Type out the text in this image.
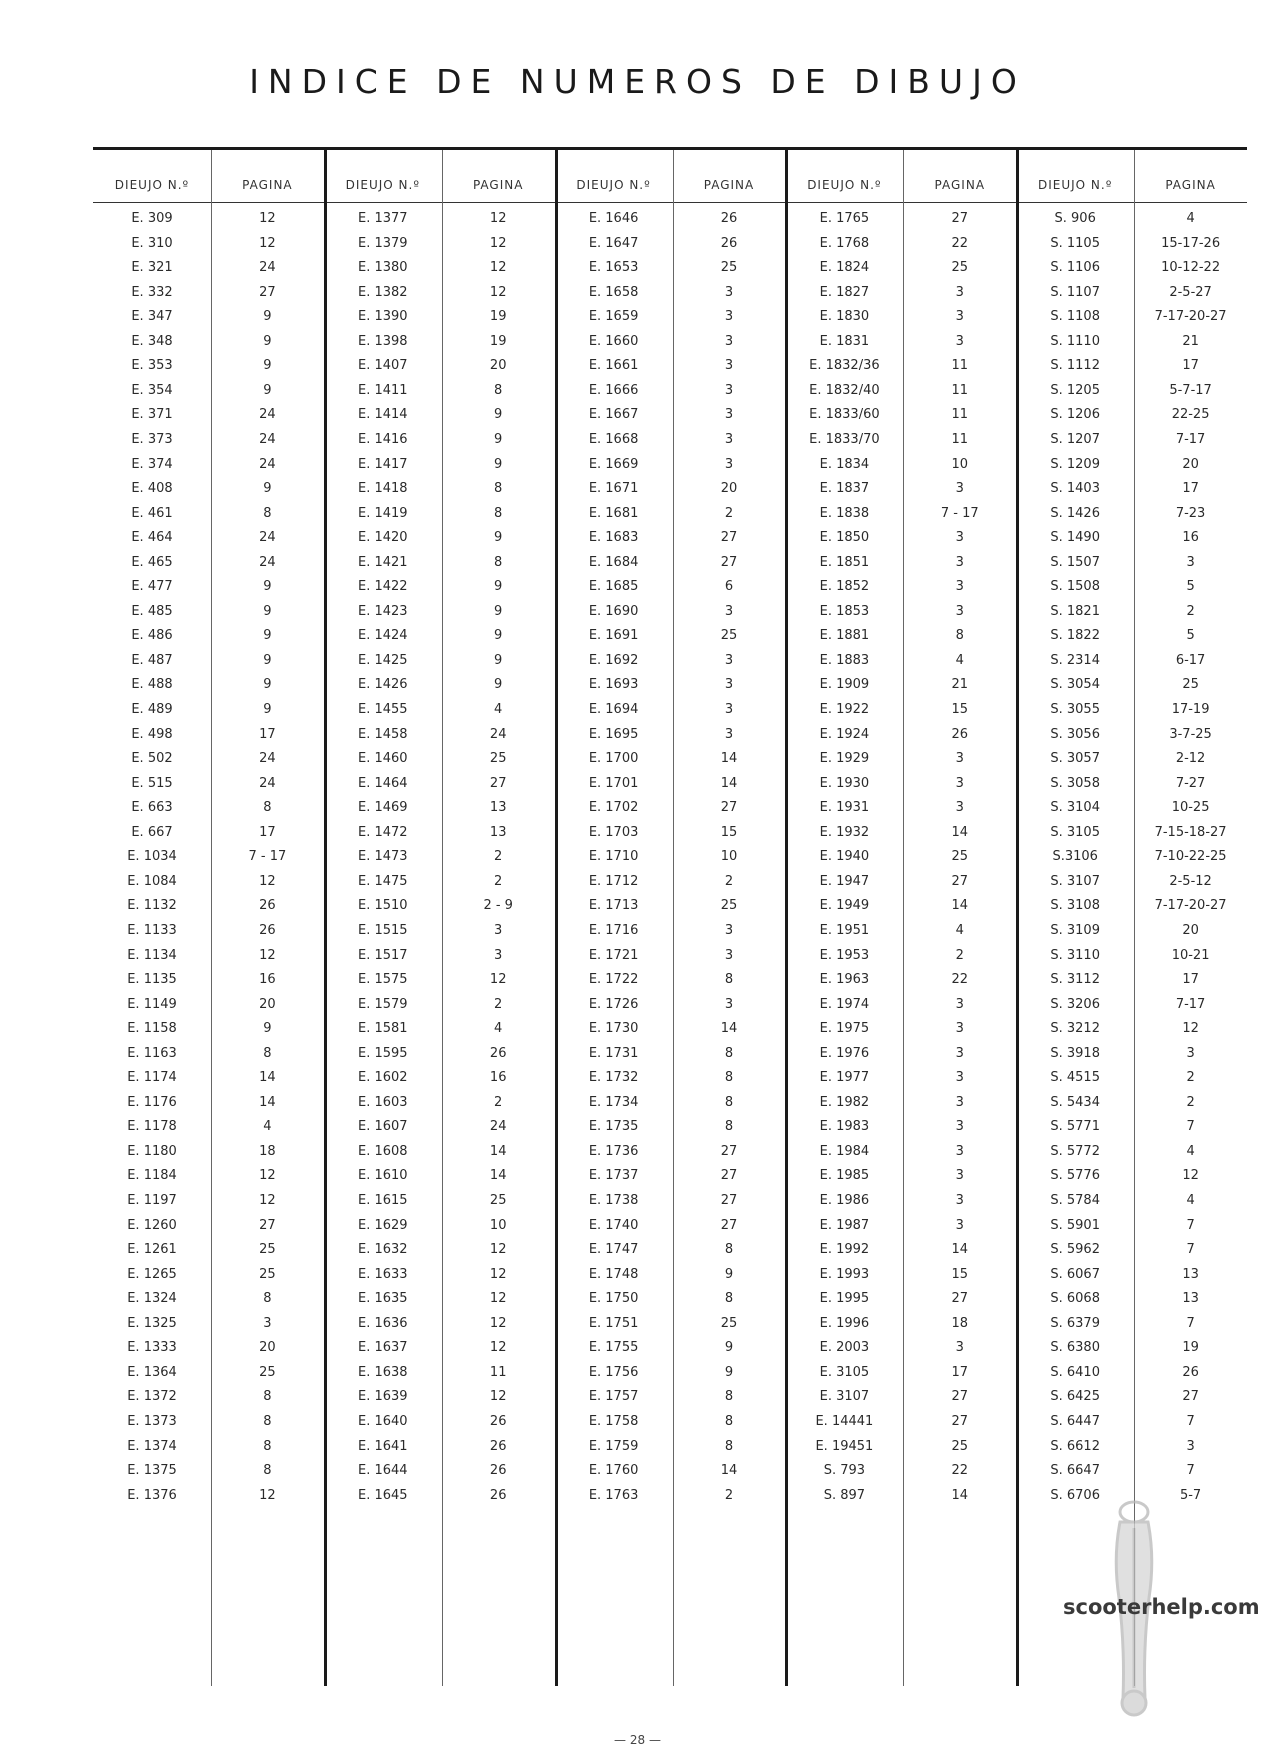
INDICE DE NUMEROS DE DIBUJO
DIEUJO N.º	PAGINA
E. 309	12
E. 310	12
E. 321	24
E. 332	27
E. 347	9
E. 348	9
E. 353	9
E. 354	9
E. 371	24
E. 373	24
E. 374	24
E. 408	9
E. 461	8
E. 464	24
E. 465	24
E. 477	9
E. 485	9
E. 486	9
E. 487	9
E. 488	9
E. 489	9
E. 498	17
E. 502	24
E. 515	24
E. 663	8
E. 667	17
E. 1034	7 - 17
E. 1084	12
E. 1132	26
E. 1133	26
E. 1134	12
E. 1135	16
E. 1149	20
E. 1158	9
E. 1163	8
E. 1174	14
E. 1176	14
E. 1178	4
E. 1180	18
E. 1184	12
E. 1197	12
E. 1260	27
E. 1261	25
E. 1265	25
E. 1324	8
E. 1325	3
E. 1333	20
E. 1364	25
E. 1372	8
E. 1373	8
E. 1374	8
E. 1375	8
E. 1376	12
DIEUJO N.º	PAGINA
E. 1377	12
E. 1379	12
E. 1380	12
E. 1382	12
E. 1390	19
E. 1398	19
E. 1407	20
E. 1411	8
E. 1414	9
E. 1416	9
E. 1417	9
E. 1418	8
E. 1419	8
E. 1420	9
E. 1421	8
E. 1422	9
E. 1423	9
E. 1424	9
E. 1425	9
E. 1426	9
E. 1455	4
E. 1458	24
E. 1460	25
E. 1464	27
E. 1469	13
E. 1472	13
E. 1473	2
E. 1475	2
E. 1510	2 - 9
E. 1515	3
E. 1517	3
E. 1575	12
E. 1579	2
E. 1581	4
E. 1595	26
E. 1602	16
E. 1603	2
E. 1607	24
E. 1608	14
E. 1610	14
E. 1615	25
E. 1629	10
E. 1632	12
E. 1633	12
E. 1635	12
E. 1636	12
E. 1637	12
E. 1638	11
E. 1639	12
E. 1640	26
E. 1641	26
E. 1644	26
E. 1645	26
DIEUJO N.º	PAGINA
E. 1646	26
E. 1647	26
E. 1653	25
E. 1658	3
E. 1659	3
E. 1660	3
E. 1661	3
E. 1666	3
E. 1667	3
E. 1668	3
E. 1669	3
E. 1671	20
E. 1681	2
E. 1683	27
E. 1684	27
E. 1685	6
E. 1690	3
E. 1691	25
E. 1692	3
E. 1693	3
E. 1694	3
E. 1695	3
E. 1700	14
E. 1701	14
E. 1702	27
E. 1703	15
E. 1710	10
E. 1712	2
E. 1713	25
E. 1716	3
E. 1721	3
E. 1722	8
E. 1726	3
E. 1730	14
E. 1731	8
E. 1732	8
E. 1734	8
E. 1735	8
E. 1736	27
E. 1737	27
E. 1738	27
E. 1740	27
E. 1747	8
E. 1748	9
E. 1750	8
E. 1751	25
E. 1755	9
E. 1756	9
E. 1757	8
E. 1758	8
E. 1759	8
E. 1760	14
E. 1763	2
DIEUJO N.º	PAGINA
E. 1765	27
E. 1768	22
E. 1824	25
E. 1827	3
E. 1830	3
E. 1831	3
E. 1832/36	11
E. 1832/40	11
E. 1833/60	11
E. 1833/70	11
E. 1834	10
E. 1837	3
E. 1838	7 - 17
E. 1850	3
E. 1851	3
E. 1852	3
E. 1853	3
E. 1881	8
E. 1883	4
E. 1909	21
E. 1922	15
E. 1924	26
E. 1929	3
E. 1930	3
E. 1931	3
E. 1932	14
E. 1940	25
E. 1947	27
E. 1949	14
E. 1951	4
E. 1953	2
E. 1963	22
E. 1974	3
E. 1975	3
E. 1976	3
E. 1977	3
E. 1982	3
E. 1983	3
E. 1984	3
E. 1985	3
E. 1986	3
E. 1987	3
E. 1992	14
E. 1993	15
E. 1995	27
E. 1996	18
E. 2003	3
E. 3105	17
E. 3107	27
E. 14441	27
E. 19451	25
S. 793	22
S. 897	14
DIEUJO N.º	PAGINA
S. 906	4
S. 1105	15-17-26
S. 1106	10-12-22
S. 1107	2-5-27
S. 1108	7-17-20-27
S. 1110	21
S. 1112	17
S. 1205	5-7-17
S. 1206	22-25
S. 1207	7-17
S. 1209	20
S. 1403	17
S. 1426	7-23
S. 1490	16
S. 1507	3
S. 1508	5
S. 1821	2
S. 1822	5
S. 2314	6-17
S. 3054	25
S. 3055	17-19
S. 3056	3-7-25
S. 3057	2-12
S. 3058	7-27
S. 3104	10-25
S. 3105	7-15-18-27
S.3106	7-10-22-25
S. 3107	2-5-12
S. 3108	7-17-20-27
S. 3109	20
S. 3110	10-21
S. 3112	17
S. 3206	7-17
S. 3212	12
S. 3918	3
S. 4515	2
S. 5434	2
S. 5771	7
S. 5772	4
S. 5776	12
S. 5784	4
S. 5901	7
S. 5962	7
S. 6067	13
S. 6068	13
S. 6379	7
S. 6380	19
S. 6410	26
S. 6425	27
S. 6447	7
S. 6612	3
S. 6647	7
S. 6706	5-7
— 28 —
scooterhelp.com
